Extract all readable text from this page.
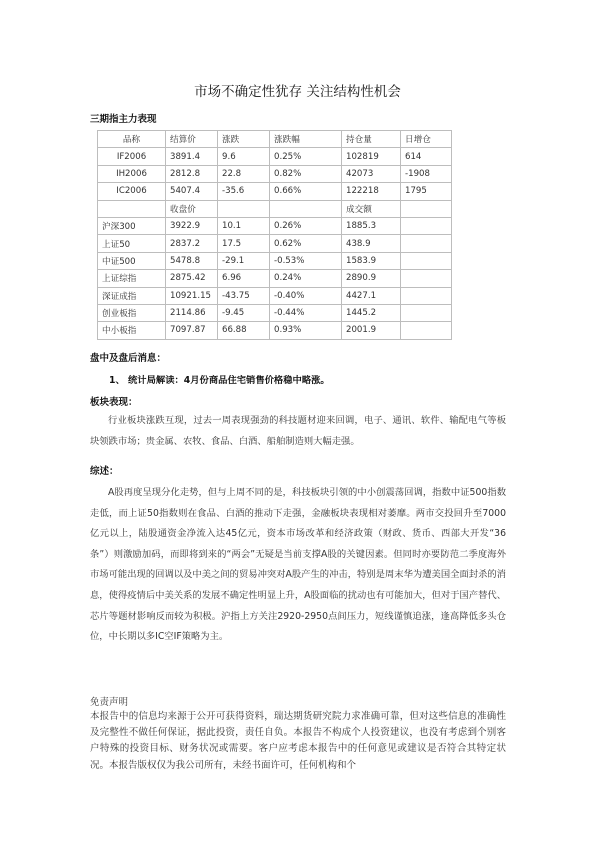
市场不确定性犹存 关注结构性机会
三期指主力表现
品称	结算价	涨跌	涨跌幅	持仓量	日增仓
IF2006	3891.4	9.6	0.25%	102819	614
IH2006	2812.8	22.8	0.82%	42073	-1908
IC2006	5407.4	-35.6	0.66%	122218	1795
	收盘价			成交额	
沪深300	3922.9	10.1	0.26%	1885.3	
上证50	2837.2	17.5	0.62%	438.9	
中证500	5478.8	-29.1	-0.53%	1583.9	
上证综指	2875.42	6.96	0.24%	2890.9	
深证成指	10921.15	-43.75	-0.40%	4427.1	
创业板指	2114.86	-9.45	-0.44%	1445.2	
中小板指	7097.87	66.88	0.93%	2001.9	
盘中及盘后消息：
1、 统计局解读：4月份商品住宅销售价格稳中略涨。
板块表现：

行业板块涨跌互现，过去一周表现强劲的科技题材迎来回调，电子、通讯、软件、输配电气等板块领跌市场；贵金属、农牧、食品、白酒、船舶制造则大幅走强。

综述：

A股再度呈现分化走势，但与上周不同的是，科技板块引领的中小创震荡回调，指数中证500指数走低，而上证50指数则在食品、白酒的推动下走强，金融板块表现相对萎靡。两市交投回升至7000亿元以上，陆股通资金净流入达45亿元，资本市场改革和经济政策（财政、货币、西部大开发“36条”）则激励加码，而即将到来的“两会”无疑是当前支撑A股的关键因素。但同时亦要防范二季度海外市场可能出现的回调以及中美之间的贸易冲突对A股产生的冲击，特别是周末华为遭美国全面封杀的消息，使得疫情后中美关系的发展不确定性明显上升，A股面临的扰动也有可能加大，但对于国产替代、芯片等题材影响反而较为积极。沪指上方关注2920-2950点间压力，短线谨慎追涨，逢高降低多头仓位，中长期以多IC空IF策略为主。

免责声明

本报告中的信息均来源于公开可获得资料，瑞达期货研究院力求准确可靠，但对这些信息的准确性及完整性不做任何保证，据此投资，责任自负。本报告不构成个人投资建议，也没有考虑到个别客户特殊的投资目标、财务状况或需要。客户应考虑本报告中的任何意见或建议是否符合其特定状况。本报告版权仅为我公司所有，未经书面许可，任何机构和个
